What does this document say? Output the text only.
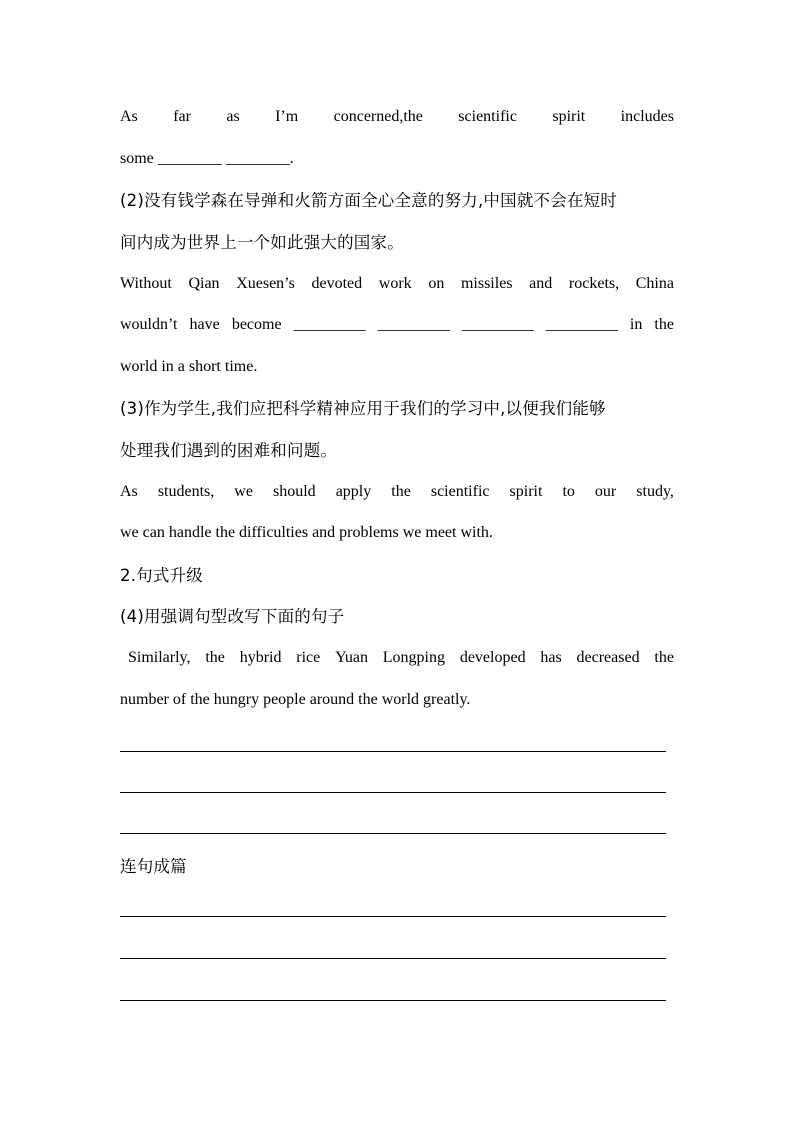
As far as I’m concerned,the scientific spirit includes
some ________ ________.
(2)没有钱学森在导弹和火箭方面全心全意的努力,中国就不会在短时
间内成为世界上一个如此强大的国家。
Without Qian Xuesen’s devoted work on missiles and rockets, China
wouldn’t have become _________ _________ _________ _________ in the
world in a short time.
(3)作为学生,我们应把科学精神应用于我们的学习中,以便我们能够
处理我们遇到的困难和问题。
As students, we should apply the scientific spirit to our study,
we can handle the difficulties and problems we meet with.
2.句式升级
(4)用强调句型改写下面的句子
Similarly, the hybrid rice Yuan Longping developed has decreased the
number of the hungry people around the world greatly.
连句成篇
